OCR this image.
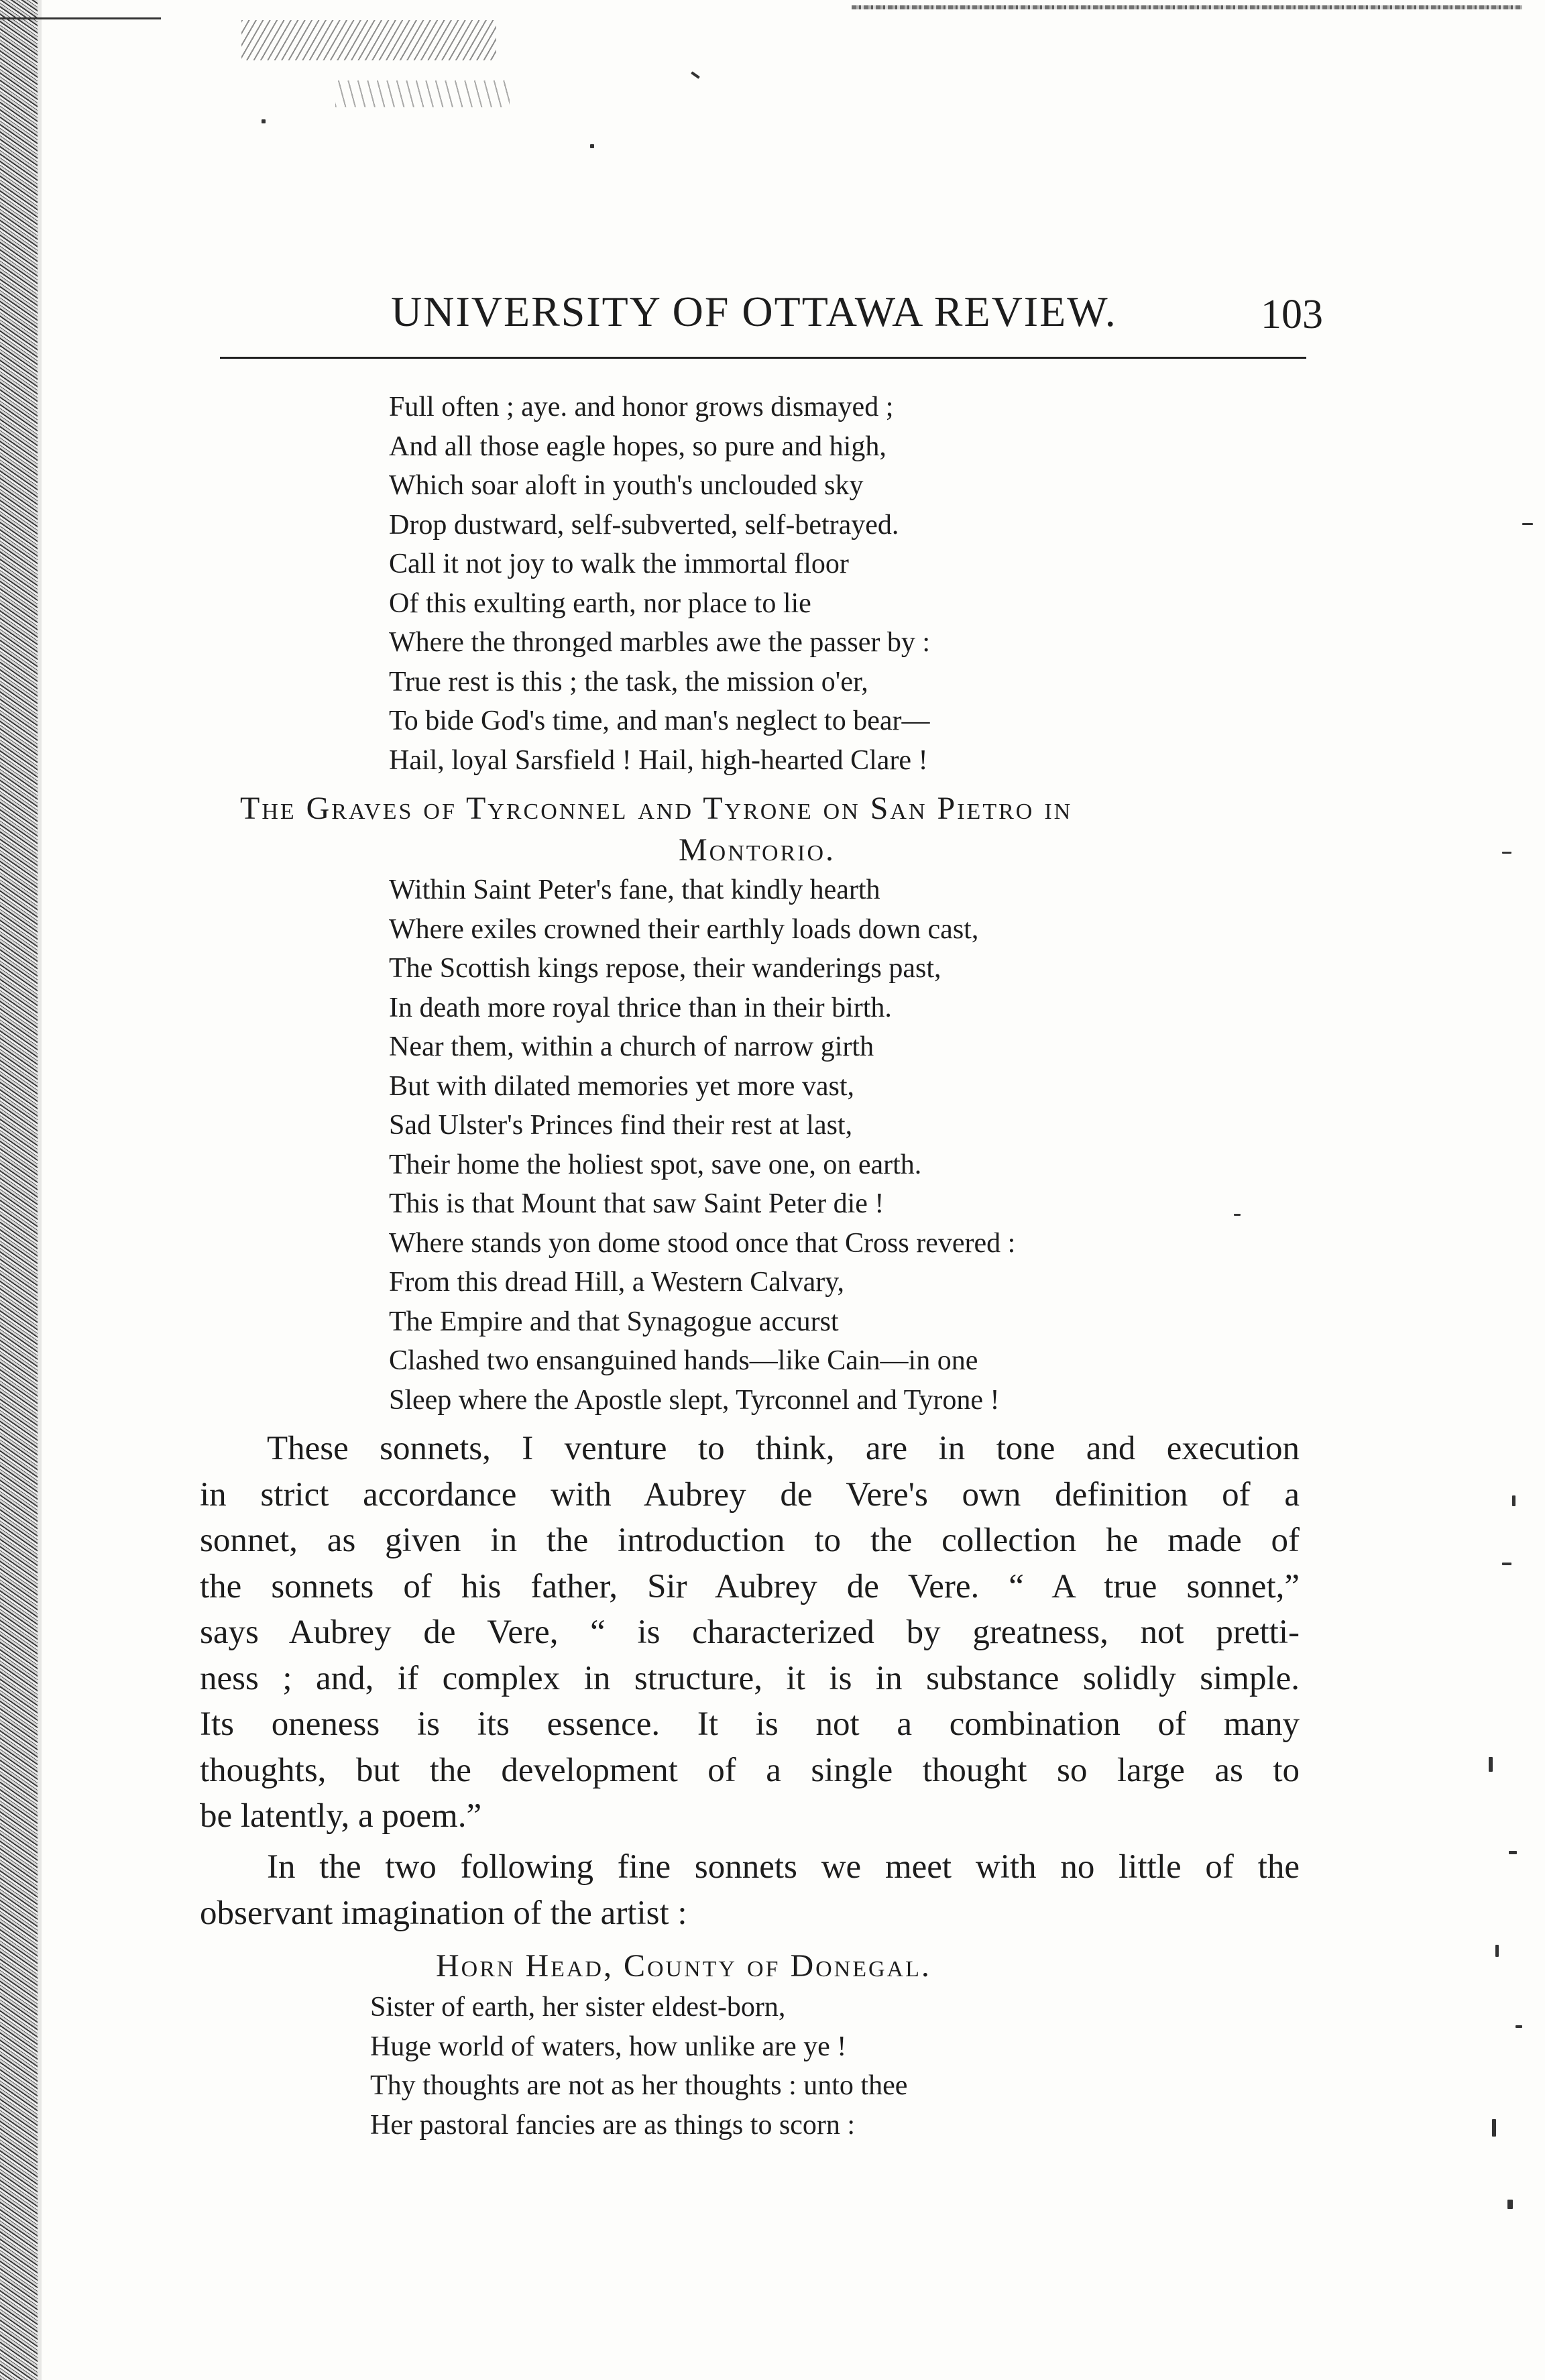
UNIVERSITY OF OTTAWA REVIEW.	103
Full often ; aye. and honor grows dismayed ;
And all those eagle hopes, so pure and high,
Which soar aloft in youth's unclouded sky
Drop dustward, self-subverted, self-betrayed.
Call it not joy to walk the immortal floor
Of this exulting earth, nor place to lie
Where the thronged marbles awe the passer by :
True rest is this ; the task, the mission o'er,
To bide God's time, and man's neglect to bear—
Hail, loyal Sarsfield ! Hail, high-hearted Clare !
The Graves of Tyrconnel and Tyrone on San Pietro in
Montorio.
Within Saint Peter's fane, that kindly hearth
Where exiles crowned their earthly loads down cast,
The Scottish kings repose, their wanderings past,
In death more royal thrice than in their birth.
Near them, within a church of narrow girth
But with dilated memories yet more vast,
Sad Ulster's Princes find their rest at last,
Their home the holiest spot, save one, on earth.
This is that Mount that saw Saint Peter die !
Where stands yon dome stood once that Cross revered :
From this dread Hill, a Western Calvary,
The Empire and that Synagogue accurst
Clashed two ensanguined hands—like Cain—in one
Sleep where the Apostle slept, Tyrconnel and Tyrone !
These sonnets, I venture to think, are in tone and execution
in strict accordance with Aubrey de Vere's own definition of a
sonnet, as given in the introduction to the collection he made of
the sonnets of his father, Sir Aubrey de Vere. “ A true sonnet,”
says Aubrey de Vere, “ is characterized by greatness, not pretti-
ness ; and, if complex in structure, it is in substance solidly simple.
Its oneness is its essence. It is not a combination of many
thoughts, but the development of a single thought so large as to
be latently, a poem.”
In the two following fine sonnets we meet with no little of the
observant imagination of the artist :
Horn Head, County of Donegal.
Sister of earth, her sister eldest-born,
Huge world of waters, how unlike are ye !
Thy thoughts are not as her thoughts : unto thee
Her pastoral fancies are as things to scorn :
